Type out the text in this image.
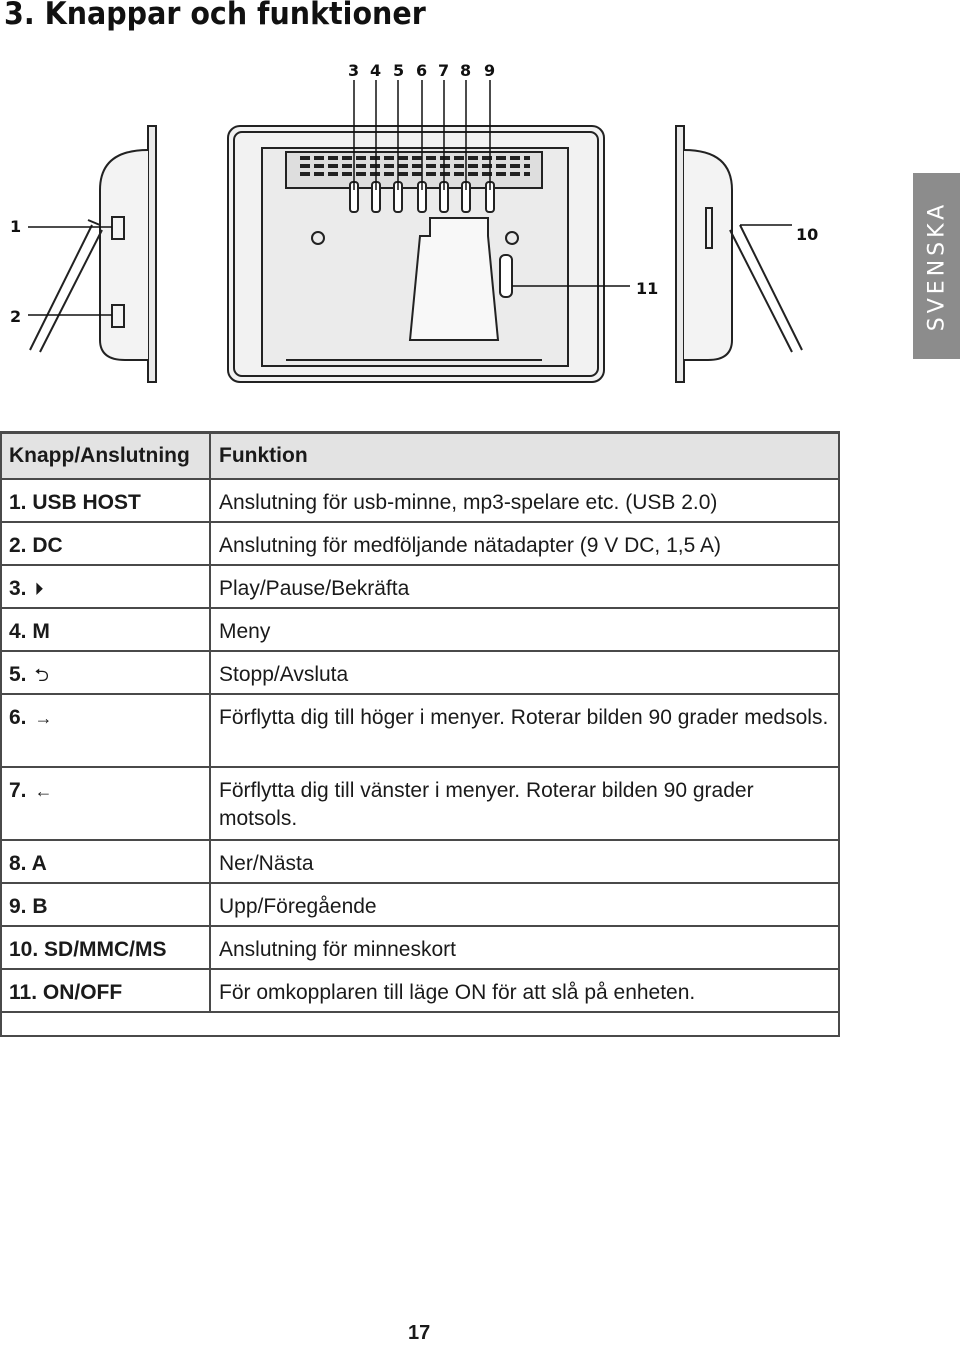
3. Knappar och funktioner
SVENSKA
3 4 5 6 7 8 9
1
2
10
11
Knapp/Anslutning	Funktion
1. USB HOST	Anslutning för usb-minne, mp3-spelare etc. (USB 2.0)
2. DC	Anslutning för medföljande nätadapter (9 V DC, 1,5 A)
3. ⏵	Play/Pause/Bekräfta
4. M	Meny
5. ⮌	Stopp/Avsluta
6. →	Förflytta dig till höger i menyer. Roterar bilden 90 grader medsols.
7. ←	Förflytta dig till vänster i menyer. Roterar bilden 90 grader motsols.
8. A	Ner/Nästa
9. B	Upp/Föregående
10. SD/MMC/MS	Anslutning för minneskort
11. ON/OFF	För omkopplaren till läge ON för att slå på enheten.
17
